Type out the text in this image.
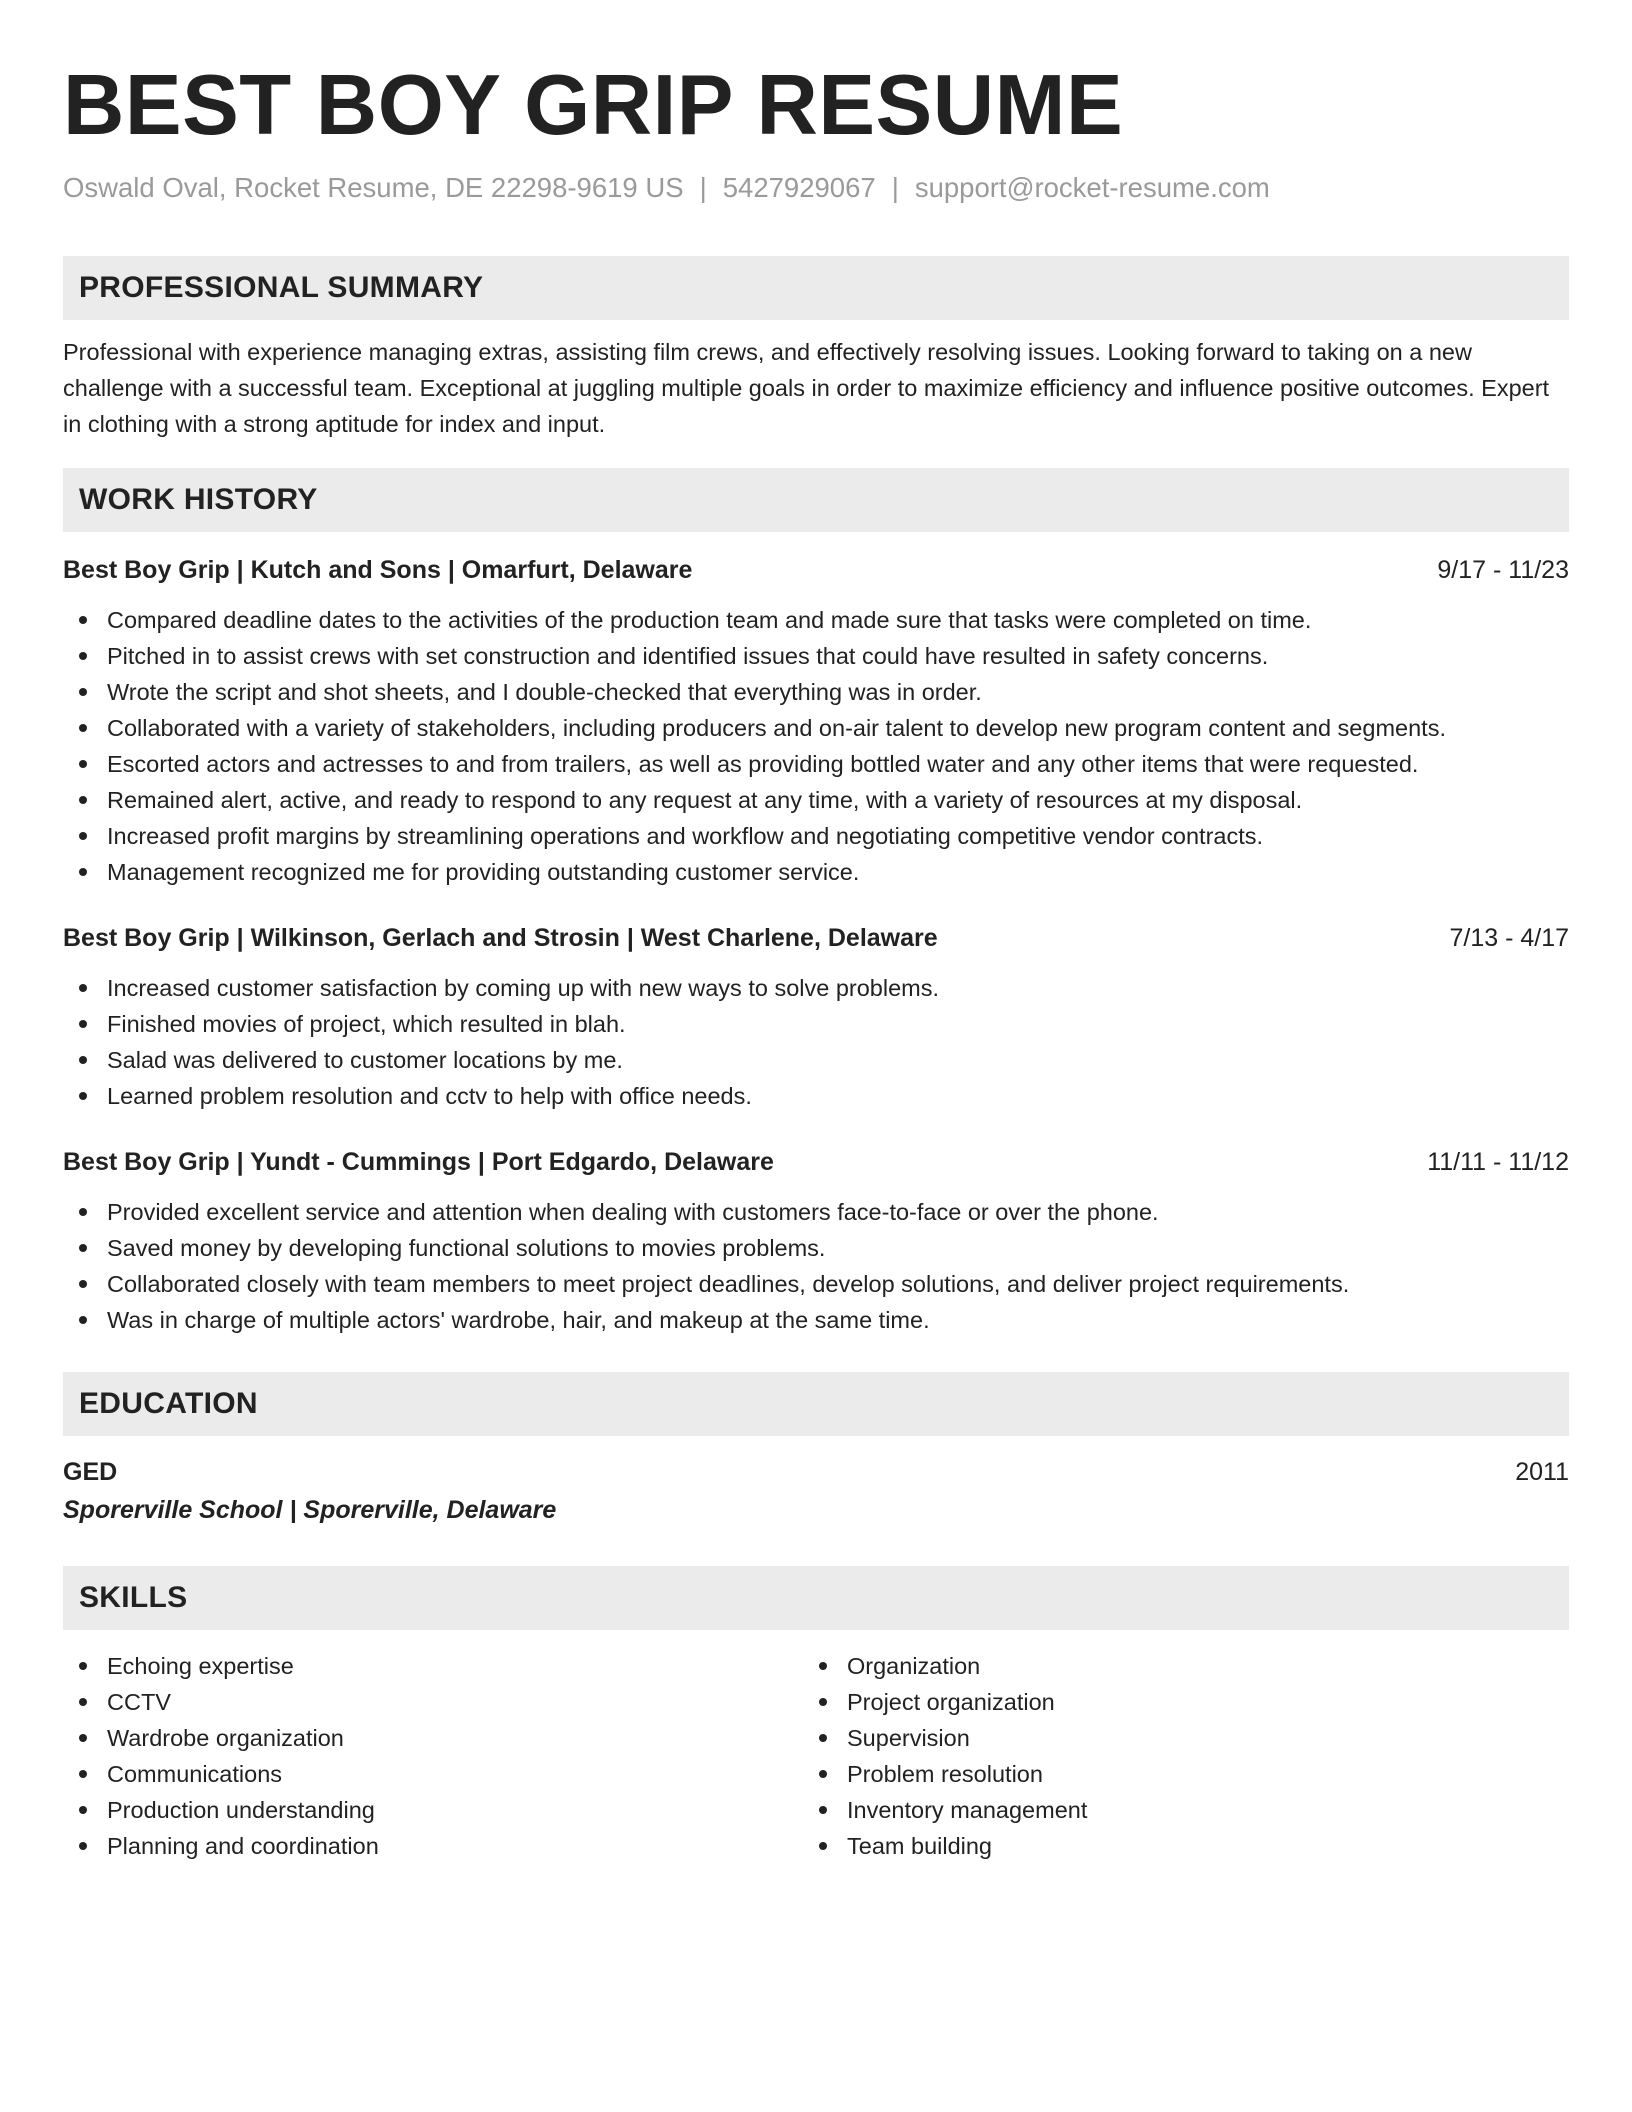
BEST BOY GRIP RESUME
Oswald Oval, Rocket Resume, DE 22298-9619 US | 5427929067 | support@rocket-resume.com
PROFESSIONAL SUMMARY

Professional with experience managing extras, assisting film crews, and effectively resolving issues. Looking forward to taking on a new challenge with a successful team. Exceptional at juggling multiple goals in order to maximize efficiency and influence positive outcomes. Expert in clothing with a strong aptitude for index and input.

WORK HISTORY
Best Boy Grip | Kutch and Sons | Omarfurt, Delaware	9/17 - 11/23
Compared deadline dates to the activities of the production team and made sure that tasks were completed on time.
Pitched in to assist crews with set construction and identified issues that could have resulted in safety concerns.
Wrote the script and shot sheets, and I double-checked that everything was in order.
Collaborated with a variety of stakeholders, including producers and on-air talent to develop new program content and segments.
Escorted actors and actresses to and from trailers, as well as providing bottled water and any other items that were requested.
Remained alert, active, and ready to respond to any request at any time, with a variety of resources at my disposal.
Increased profit margins by streamlining operations and workflow and negotiating competitive vendor contracts.
Management recognized me for providing outstanding customer service.
Best Boy Grip | Wilkinson, Gerlach and Strosin | West Charlene, Delaware	7/13 - 4/17
Increased customer satisfaction by coming up with new ways to solve problems.
Finished movies of project, which resulted in blah.
Salad was delivered to customer locations by me.
Learned problem resolution and cctv to help with office needs.
Best Boy Grip | Yundt - Cummings | Port Edgardo, Delaware	11/11 - 11/12
Provided excellent service and attention when dealing with customers face-to-face or over the phone.
Saved money by developing functional solutions to movies problems.
Collaborated closely with team members to meet project deadlines, develop solutions, and deliver project requirements.
Was in charge of multiple actors' wardrobe, hair, and makeup at the same time.
EDUCATION
GED	2011
Sporerville School | Sporerville, Delaware
SKILLS
Echoing expertise
CCTV
Wardrobe organization
Communications
Production understanding
Planning and coordination
Organization
Project organization
Supervision
Problem resolution
Inventory management
Team building
